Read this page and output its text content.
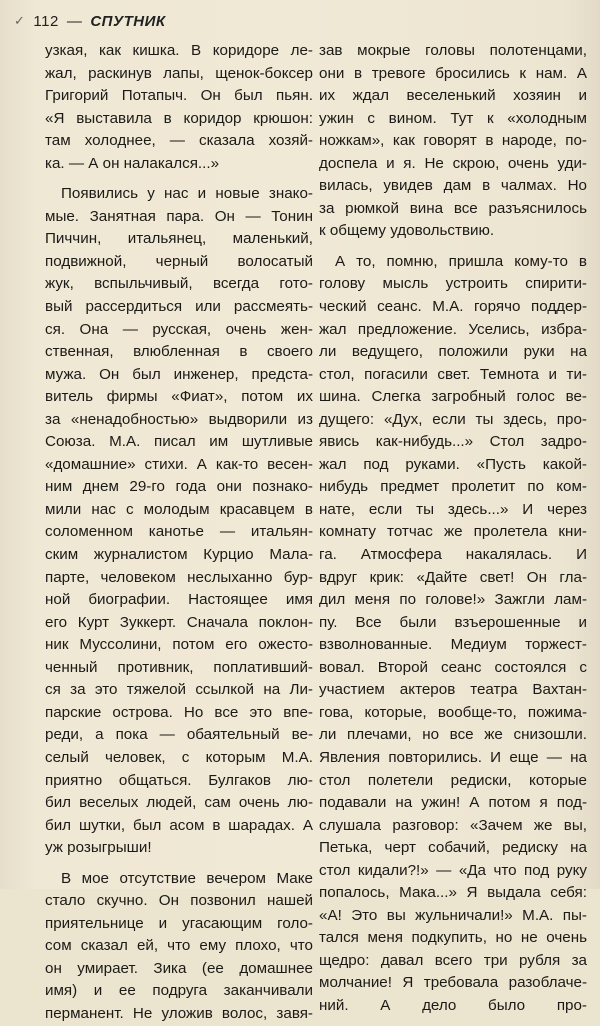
✓ 112 — СПУТНИК
узкая, как кишка. В коридоре ле-
жал, раскинув лапы, щенок-боксер
Григорий Потапыч. Он был пьян.
«Я выставила в коридор крюшон:
там холоднее, — сказала хозяй-
ка. — А он налакался...»
Появились у нас и новые знако-
мые. Занятная пара. Он — Тонин
Пиччин, итальянец, маленький,
подвижной, черный волосатый
жук, вспыльчивый, всегда гото-
вый рассердиться или рассмеять-
ся. Она — русская, очень жен-
ственная, влюбленная в своего
мужа. Он был инженер, предста-
витель фирмы «Фиат», потом их
за «ненадобностью» выдворили из
Союза. М.А. писал им шутливые
«домашние» стихи. А как-то весен-
ним днем 29-го года они познако-
мили нас с молодым красавцем в
соломенном канотье — итальян-
ским журналистом Курцио Мала-
парте, человеком неслыханно бур-
ной биографии. Настоящее имя
его Курт Зуккерт. Сначала поклон-
ник Муссолини, потом его ожесто-
ченный противник, поплативший-
ся за это тяжелой ссылкой на Ли-
парские острова. Но все это впе-
реди, а пока — обаятельный ве-
селый человек, с которым М.А.
приятно общаться. Булгаков лю-
бил веселых людей, сам очень лю-
бил шутки, был асом в шарадах. А
уж розыгрыши!
В мое отсутствие вечером Маке
стало скучно. Он позвонил нашей
приятельнице и угасающим голо-
сом сказал ей, что ему плохо, что
он умирает. Зика (ее домашнее
имя) и ее подруга заканчивали
перманент. Не уложив волос, завя-
зав мокрые головы полотенцами,
они в тревоге бросились к нам. А
их ждал веселенький хозяин и
ужин с вином. Тут к «холодным
ножкам», как говорят в народе, по-
доспела и я. Не скрою, очень уди-
вилась, увидев дам в чалмах. Но
за рюмкой вина все разъяснилось
к общему удовольствию.
А то, помню, пришла кому-то в
голову мысль устроить спирити-
ческий сеанс. М.А. горячо поддер-
жал предложение. Уселись, избра-
ли ведущего, положили руки на
стол, погасили свет. Темнота и ти-
шина. Слегка загробный голос ве-
дущего: «Дух, если ты здесь, про-
явись как-нибудь...» Стол задро-
жал под руками. «Пусть какой-
нибудь предмет пролетит по ком-
нате, если ты здесь...» И через
комнату тотчас же пролетела кни-
га. Атмосфера накалялась. И
вдруг крик: «Дайте свет! Он гла-
дил меня по голове!» Зажгли лам-
пу. Все были взъерошенные и
взволнованные. Медиум торжест-
вовал. Второй сеанс состоялся с
участием актеров театра Вахтан-
гова, которые, вообще-то, пожима-
ли плечами, но все же снизошли.
Явления повторились. И еще — на
стол полетели редиски, которые
подавали на ужин! А потом я под-
слушала разговор: «Зачем же вы,
Петька, черт собачий, редиску на
стол кидали?!» — «Да что под руку
попалось, Мака...» Я выдала себя:
«А! Это вы жульничали!» М.А. пы-
тался меня подкупить, но не очень
щедро: давал всего три рубля за
молчание! Я требовала разоблаче-
ний. А дело было про-
